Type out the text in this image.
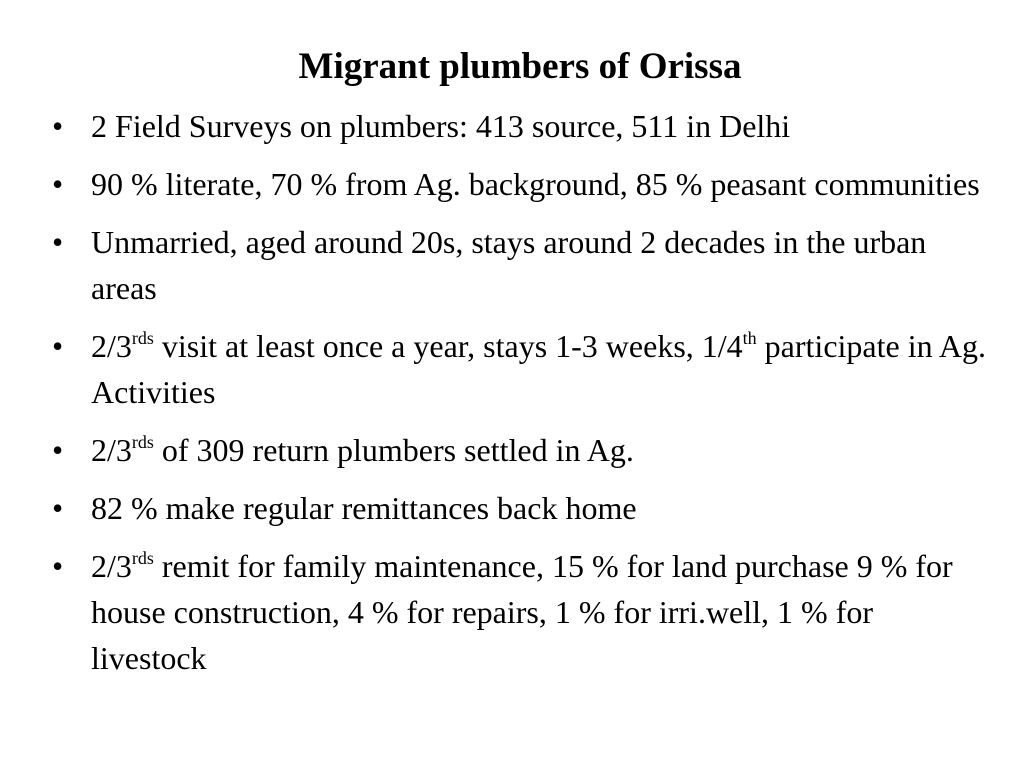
Migrant plumbers of Orissa
• 2 Field Surveys on plumbers: 413 source, 511 in Delhi
• 90 % literate, 70 % from Ag. background, 85 % peasant communities
• Unmarried, aged around 20s, stays around 2 decades in the urban areas
• $2/3^{rds}$ visit at least once a year, stays 1-3 weeks, 1/4th participate in Ag. Activities
• $2/3^{rds}$ of 309 return plumbers settled in Ag.
• 82 % make regular remittances back home
• $2/3^{rds}$ remit for family maintenance, 15 % for land purchase 9 % for house construction, 4 % for repairs, 1 % for irri.well, 1 % for livestock
